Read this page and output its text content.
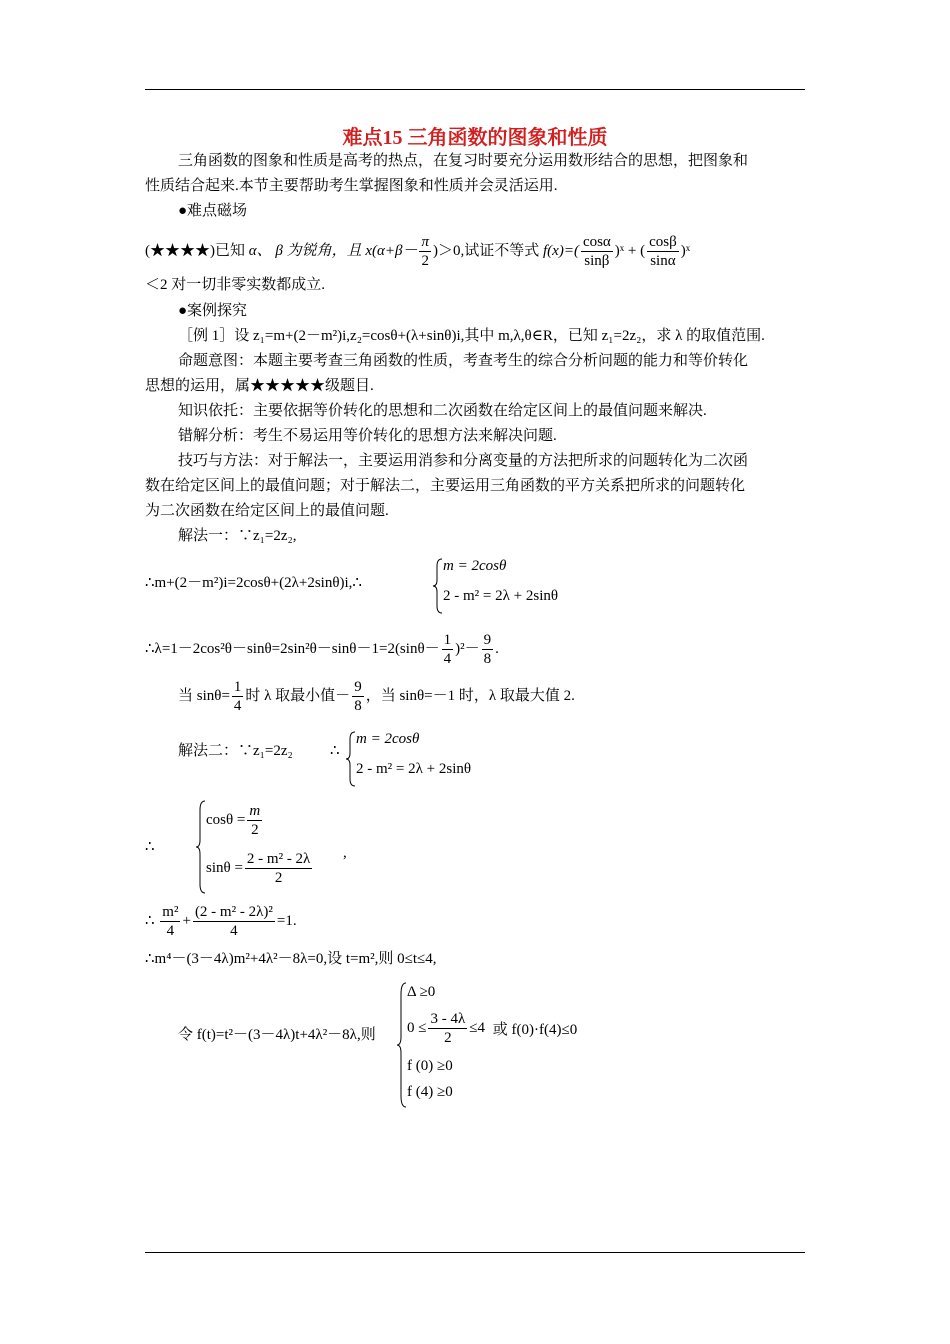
难点15 三角函数的图象和性质
三角函数的图象和性质是高考的热点，在复习时要充分运用数形结合的思想，把图象和
性质结合起来.本节主要帮助考生掌握图象和性质并会灵活运用.
●难点磁场
(★★★★)已知 α、 β 为锐角，且 $x(\alpha+\beta- \frac{\pi}{2} )>0$,试证不等式 $f(x)=( \frac{\cos\alpha}{\sin\beta}$ )ˣ + ( $\frac{\cos\beta}{\sin\alpha}$ )ˣ
＜2 对一切非零实数都成立.
●案例探究
［例 1］设 z₁=m+(2－m²)i,z₂=cosθ+(λ+sinθ)i,其中 m,λ,θ∈R，已知 z₁=2z₂，求 λ 的取值范围.
命题意图：本题主要考查三角函数的性质，考查考生的综合分析问题的能力和等价转化
思想的运用，属★★★★★级题目.
知识依托：主要依据等价转化的思想和二次函数在给定区间上的最值问题来解决.
错解分析：考生不易运用等价转化的思想方法来解决问题.
技巧与方法：对于解法一，主要运用消参和分离变量的方法把所求的问题转化为二次函
数在给定区间上的最值问题；对于解法二，主要运用三角函数的平方关系把所求的问题转化
为二次函数在给定区间上的最值问题.
解法一：∵z₁=2z₂,
∴m+(2－m²)i=2cosθ+(2λ+2sinθ)i,∴
m = 2cosθ
2 - m² = 2λ + 2sinθ
∴λ=1－2cos²θ－sinθ=2sin²θ－sinθ－1=2(sinθ－ $\frac{1}{4} )^2- \frac{9}{8}$ .
当 $\sin\theta= \frac{1}{4}$ 时 λ 取最小值－ $\frac{9}{8}$ ，当 sinθ=－1 时，λ 取最大值 2.
解法二：∵z₁=2z₂	∴
m = 2cosθ
2 - m² = 2λ + 2sinθ
∴
$\cos\theta = \frac{m}{2}$
$\sin\theta = \frac{\text{2 - m² - 2λ}}{2}$ ,
∴ $\frac{\text{m²}}{4} + \frac{\text{(2 - m² - 2λ)²}}{4} =1$.
∴m⁴－(3－4λ)m²+4λ²－8λ=0,设 t=m²,则 0≤t≤4,
令 f(t)=t²－(3－4λ)t+4λ²－8λ,则
Δ ≥0
$0 \le \frac{3 - 4\lambda}{2} \le 4$ 或 f(0)·f(4)≤0
f (0) ≥0
f (4) ≥0
